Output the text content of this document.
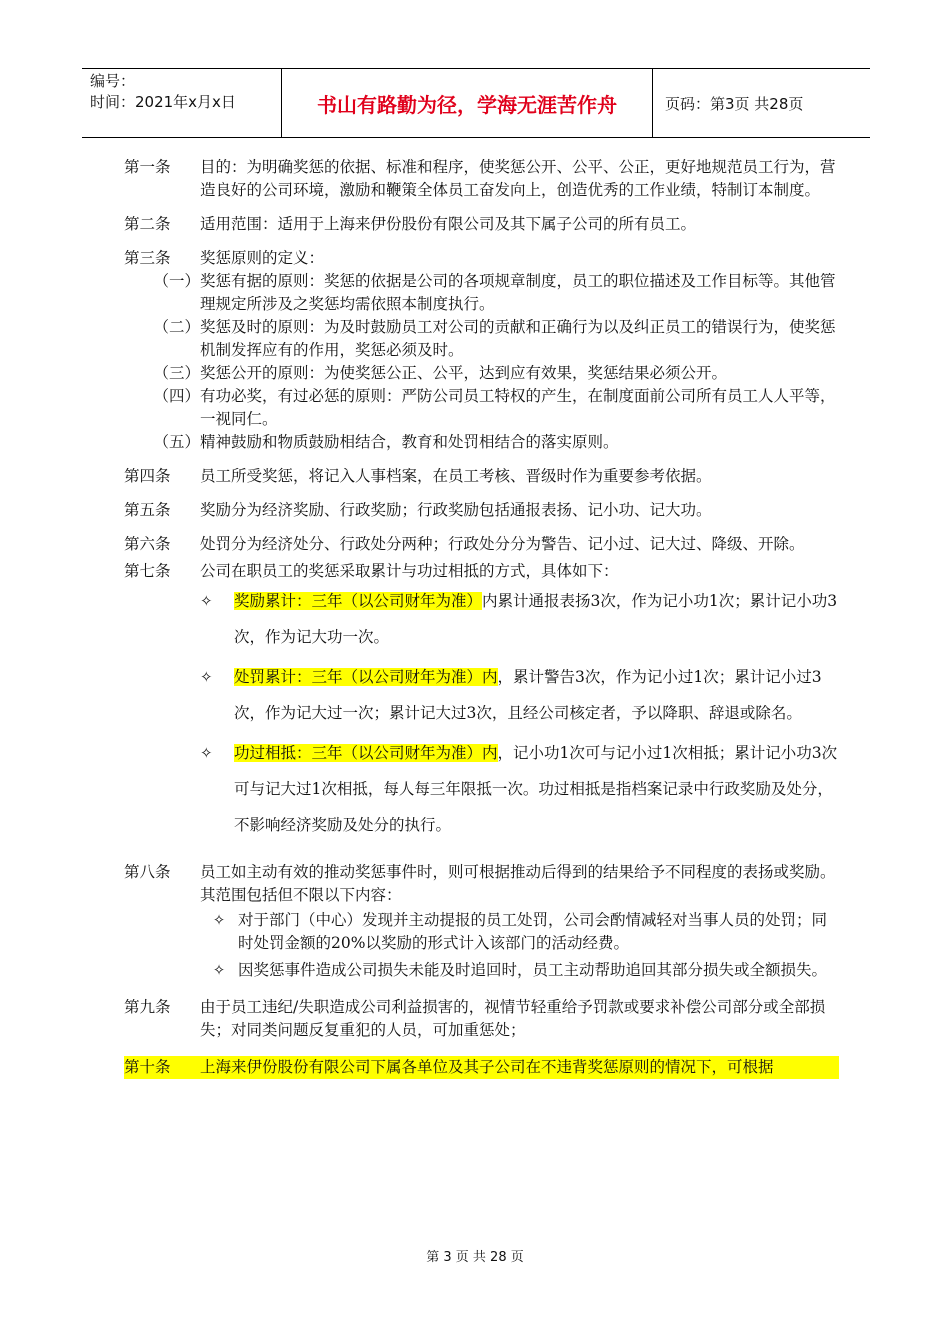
编号：
时间：2021年x月x日	书山有路勤为径，学海无涯苦作舟	页码：第3页 共28页
第一条	目的：为明确奖惩的依据、标准和程序，使奖惩公开、公平、公正，更好地规范员工行为，营造良好的公司环境，激励和鞭策全体员工奋发向上，创造优秀的工作业绩，特制订本制度。
第二条	适用范围：适用于上海来伊份股份有限公司及其下属子公司的所有员工。
第三条	奖惩原则的定义：
（一） 奖惩有据的原则：奖惩的依据是公司的各项规章制度，员工的职位描述及工作目标等。其他管理规定所涉及之奖惩均需依照本制度执行。
（二） 奖惩及时的原则：为及时鼓励员工对公司的贡献和正确行为以及纠正员工的错误行为，使奖惩机制发挥应有的作用，奖惩必须及时。
（三） 奖惩公开的原则：为使奖惩公正、公平，达到应有效果，奖惩结果必须公开。
（四） 有功必奖，有过必惩的原则：严防公司员工特权的产生，在制度面前公司所有员工人人平等，一视同仁。
（五） 精神鼓励和物质鼓励相结合，教育和处罚相结合的落实原则。
第四条	员工所受奖惩，将记入人事档案，在员工考核、晋级时作为重要参考依据。
第五条	奖励分为经济奖励、行政奖励；行政奖励包括通报表扬、记小功、记大功。
第六条	处罚分为经济处分、行政处分两种；行政处分分为警告、记小过、记大过、降级、开除。
第七条	公司在职员工的奖惩采取累计与功过相抵的方式，具体如下：
✧	奖励累计：三年（以公司财年为准）内累计通报表扬3次，作为记小功1次；累计记小功3次，作为记大功一次。
✧	处罚累计：三年（以公司财年为准）内，累计警告3次，作为记小过1次；累计记小过3次，作为记大过一次；累计记大过3次，且经公司核定者，予以降职、辞退或除名。
✧	功过相抵：三年（以公司财年为准）内，记小功1次可与记小过1次相抵；累计记小功3次可与记大过1次相抵，每人每三年限抵一次。功过相抵是指档案记录中行政奖励及处分，不影响经济奖励及处分的执行。
第八条	员工如主动有效的推动奖惩事件时，则可根据推动后得到的结果给予不同程度的表扬或奖励。其范围包括但不限以下内容：
✧ 对于部门（中心）发现并主动提报的员工处罚，公司会酌情减轻对当事人员的处罚；同时处罚金额的20%以奖励的形式计入该部门的活动经费。
✧ 因奖惩事件造成公司损失未能及时追回时，员工主动帮助追回其部分损失或全额损失。
第九条	由于员工违纪/失职造成公司利益损害的，视情节轻重给予罚款或要求补偿公司部分或全部损失；对同类问题反复重犯的人员，可加重惩处；
第十条	上海来伊份股份有限公司下属各单位及其子公司在不违背奖惩原则的情况下，可根据
第 3 页 共 28 页
